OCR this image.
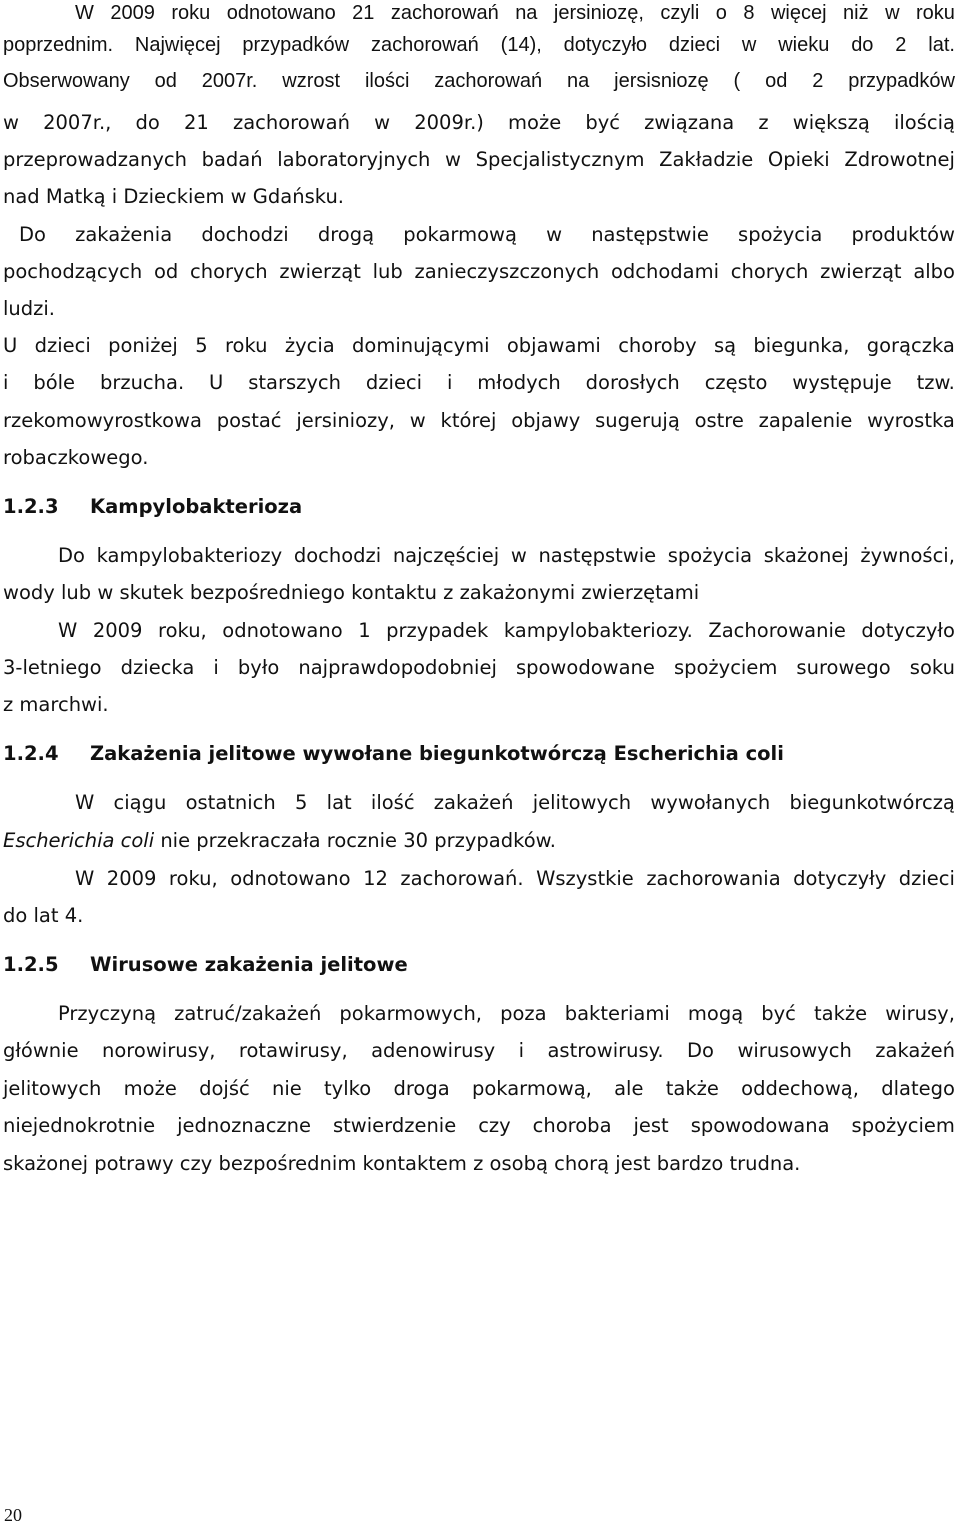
W 2009 roku odnotowano 21 zachorowań na jersiniozę, czyli o 8 więcej niż w roku
poprzednim. Najwięcej przypadków zachorowań (14), dotyczyło dzieci w wieku do 2 lat.
Obserwowany od 2007r. wzrost ilości zachorowań na jersisniozę ( od 2 przypadków
w 2007r., do 21 zachorowań w 2009r.) może być związana z większą ilością
przeprowadzanych badań laboratoryjnych w Specjalistycznym Zakładzie Opieki Zdrowotnej
nad Matką i Dzieckiem w Gdańsku.
Do zakażenia dochodzi drogą pokarmową w następstwie spożycia produktów
pochodzących od chorych zwierząt lub zanieczyszczonych odchodami chorych zwierząt albo
ludzi.
U dzieci poniżej 5 roku życia dominującymi objawami choroby są biegunka, gorączka
i bóle brzucha. U starszych dzieci i młodych dorosłych często występuje tzw.
rzekomowyrostkowa postać jersiniozy, w której objawy sugerują ostre zapalenie wyrostka
robaczkowego.
1.2.3 Kampylobakterioza
Do kampylobakteriozy dochodzi najczęściej w następstwie spożycia skażonej żywności,
wody lub w skutek bezpośredniego kontaktu z zakażonymi zwierzętami
W 2009 roku, odnotowano 1 przypadek kampylobakteriozy. Zachorowanie dotyczyło
3-letniego dziecka i było najprawdopodobniej spowodowane spożyciem surowego soku
z marchwi.
1.2.4 Zakażenia jelitowe wywołane biegunkotwórczą Escherichia coli
W ciągu ostatnich 5 lat ilość zakażeń jelitowych wywołanych biegunkotwórczą
Escherichia coli nie przekraczała rocznie 30 przypadków.
W 2009 roku, odnotowano 12 zachorowań. Wszystkie zachorowania dotyczyły dzieci
do lat 4.
1.2.5 Wirusowe zakażenia jelitowe
Przyczyną zatruć/zakażeń pokarmowych, poza bakteriami mogą być także wirusy,
głównie norowirusy, rotawirusy, adenowirusy i astrowirusy. Do wirusowych zakażeń
jelitowych może dojść nie tylko droga pokarmową, ale także oddechową, dlatego
niejednokrotnie jednoznaczne stwierdzenie czy choroba jest spowodowana spożyciem
skażonej potrawy czy bezpośrednim kontaktem z osobą chorą jest bardzo trudna.
20
